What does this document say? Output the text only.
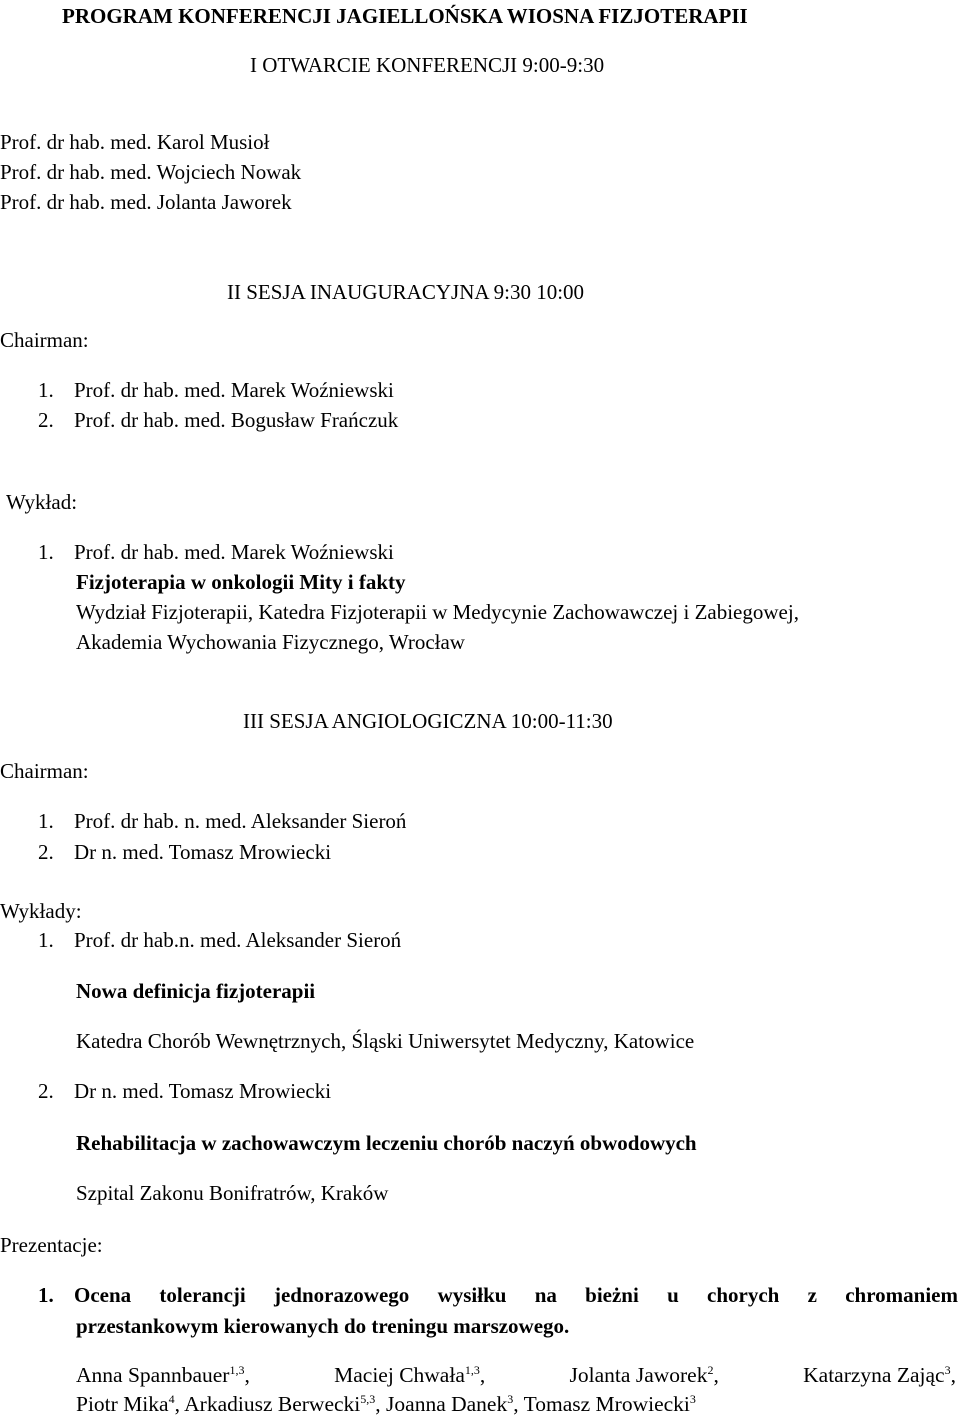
PROGRAM KONFERENCJI JAGIELLOŃSKA WIOSNA FIZJOTERAPII
I OTWARCIE KONFERENCJI 9:00-9:30
Prof. dr hab. med. Karol Musioł
Prof. dr hab. med. Wojciech Nowak
Prof. dr hab. med. Jolanta Jaworek
II SESJA INAUGURACYJNA 9:30 10:00
Chairman:
1. Prof. dr hab. med. Marek Woźniewski
2. Prof. dr hab. med. Bogusław Frańczuk
Wykład:
1. Prof. dr hab. med. Marek Woźniewski
Fizjoterapia w onkologii Mity i fakty
Wydział Fizjoterapii, Katedra Fizjoterapii w Medycynie Zachowawczej i Zabiegowej,
Akademia Wychowania Fizycznego, Wrocław
III SESJA ANGIOLOGICZNA 10:00-11:30
Chairman:
1. Prof. dr hab. n. med. Aleksander Sieroń
2. Dr n. med. Tomasz Mrowiecki
Wykłady:
1. Prof. dr hab.n. med. Aleksander Sieroń
Nowa definicja fizjoterapii
Katedra Chorób Wewnętrznych, Śląski Uniwersytet Medyczny, Katowice
2. Dr n. med. Tomasz Mrowiecki
Rehabilitacja w zachowawczym leczeniu chorób naczyń obwodowych
Szpital Zakonu Bonifratrów, Kraków
Prezentacje:
1. Ocena tolerancji jednorazowego wysiłku na bieżni u chorych z chromaniem
przestankowym kierowanych do treningu marszowego.
Anna Spannbauer$^{1,3}$,	Maciej Chwała$^{1,3}$,	Jolanta Jaworek$^2$,	Katarzyna Zając$^3$,
Piotr Mika$^4$, Arkadiusz Berwecki$^{5,3}$, Joanna Danek$^3$, Tomasz Mrowiecki$^3$
